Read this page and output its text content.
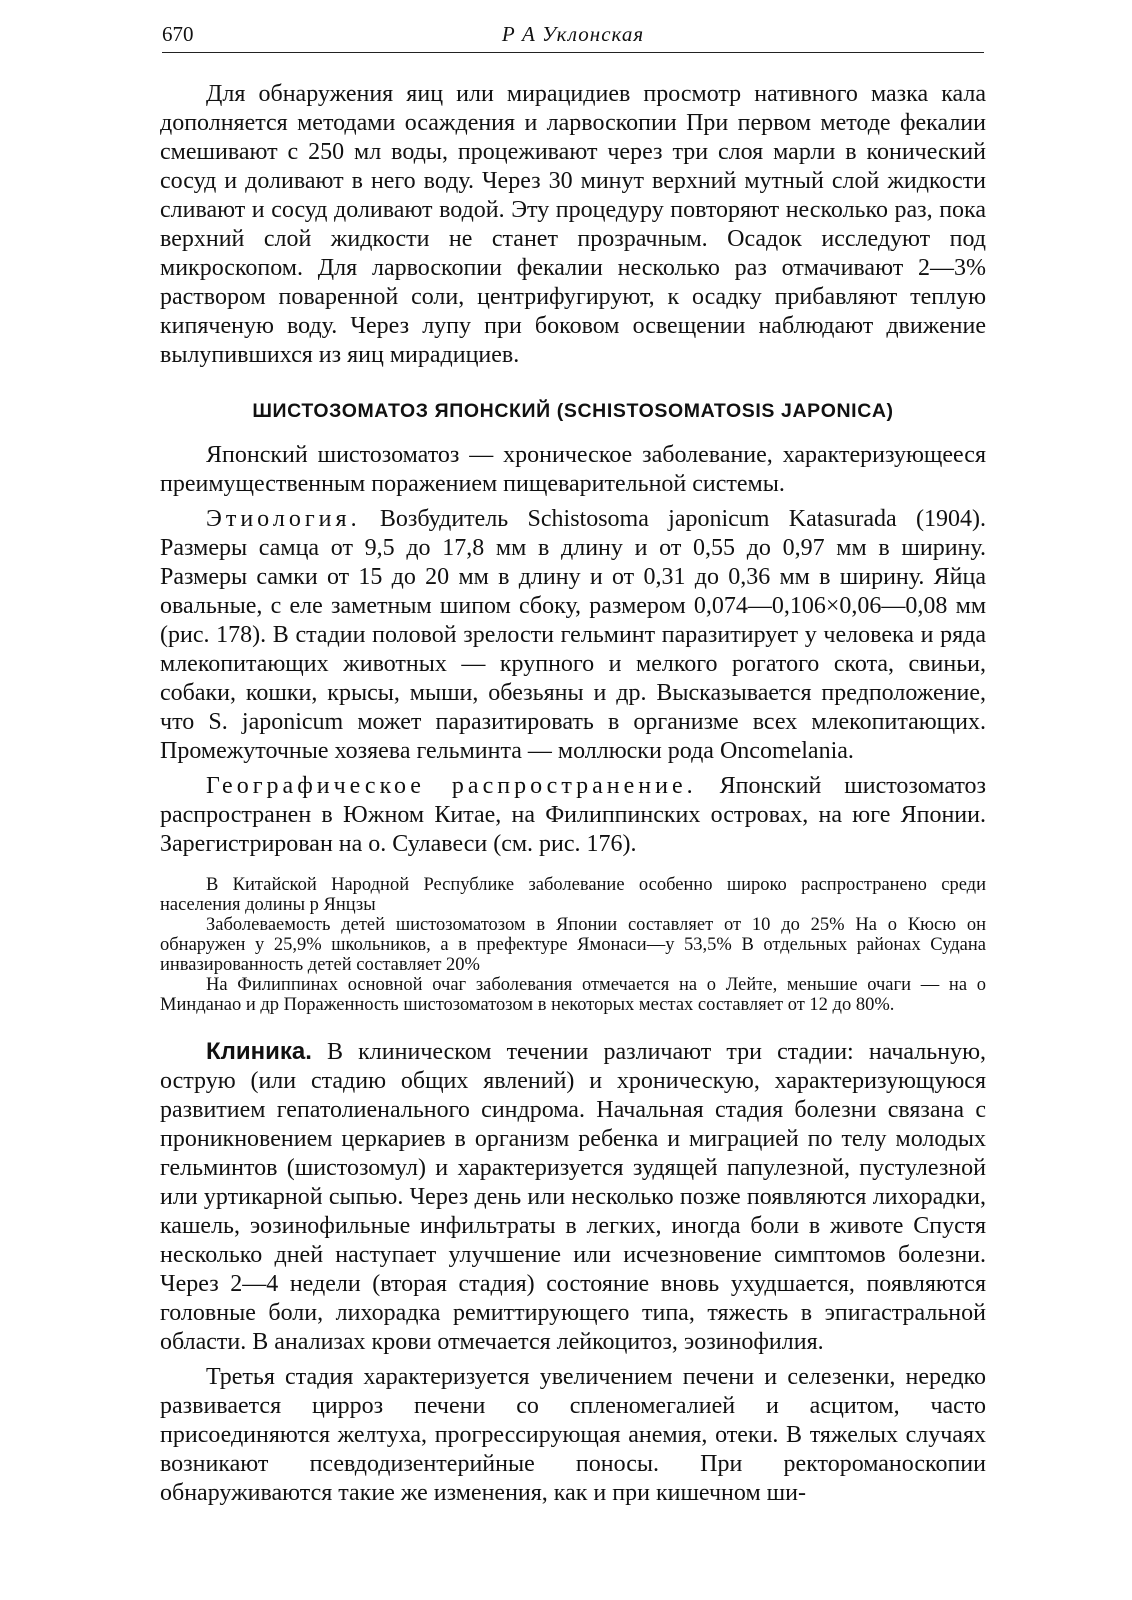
670	Р А Уклонская

Для обнаружения яиц или мирацидиев просмотр нативного мазка кала дополняется методами осаждения и ларвоскопии При первом методе фекалии смешивают с 250 мл воды, процеживают через три слоя марли в конический сосуд и доливают в него воду. Через 30 минут верхний мутный слой жидкости сливают и сосуд доливают водой. Эту процедуру повторяют несколько раз, пока верхний слой жидкости не станет прозрачным. Осадок исследуют под микроскопом. Для ларвоскопии фекалии несколько раз отмачивают 2—3% раствором поваренной соли, центрифугируют, к осадку прибавляют теплую кипяченую воду. Через лупу при боковом освещении наблюдают движение вылупившихся из яиц мирадициев.

ШИСТОЗОМАТОЗ ЯПОНСКИЙ (SCHISTOSOMATOSIS JAPONICA)

Японский шистозоматоз — хроническое заболевание, характеризующееся преимущественным поражением пищеварительной системы.

Этиология. Возбудитель Schistosoma japonicum Katasurada (1904). Размеры самца от 9,5 до 17,8 мм в длину и от 0,55 до 0,97 мм в ширину. Размеры самки от 15 до 20 мм в длину и от 0,31 до 0,36 мм в ширину. Яйца овальные, с еле заметным шипом сбоку, размером 0,074—0,106×0,06—0,08 мм (рис. 178). В стадии половой зрелости гельминт паразитирует у человека и ряда млекопитающих животных — крупного и мелкого рогатого скота, свиньи, собаки, кошки, крысы, мыши, обезьяны и др. Высказывается предположение, что S. japonicum может паразитировать в организме всех млекопитающих. Промежуточные хозяева гельминта — моллюски рода Oncomelania.

Географическое распространение. Японский шистозоматоз распространен в Южном Китае, на Филиппинских островах, на юге Японии. Зарегистрирован на о. Сулавеси (см. рис. 176).

В Китайской Народной Республике заболевание особенно широко распространено среди населения долины р Янцзы

Заболеваемость детей шистозоматозом в Японии составляет от 10 до 25% На о Кюсю он обнаружен у 25,9% школьников, а в префектуре Ямонаси—у 53,5% В отдельных районах Судана инвазированность детей составляет 20%

На Филиппинах основной очаг заболевания отмечается на о Лейте, меньшие очаги — на о Минданао и др Пораженность шистозоматозом в некоторых местах составляет от 12 до 80%.

Клиника. В клиническом течении различают три стадии: начальную, острую (или стадию общих явлений) и хроническую, характеризующуюся развитием гепатолиенального синдрома. Начальная стадия болезни связана с проникновением церкариев в организм ребенка и миграцией по телу молодых гельминтов (шистозомул) и характеризуется зудящей папулезной, пустулезной или уртикарной сыпью. Через день или несколько позже появляются лихорадки, кашель, эозинофильные инфильтраты в легких, иногда боли в животе Спустя несколько дней наступает улучшение или исчезновение симптомов болезни. Через 2—4 недели (вторая стадия) состояние вновь ухудшается, появляются головные боли, лихорадка ремиттирующего типа, тяжесть в эпигастральной области. В анализах крови отмечается лейкоцитоз, эозинофилия.

Третья стадия характеризуется увеличением печени и селезенки, нередко развивается цирроз печени со спленомегалией и асцитом, часто присоединяются желтуха, прогрессирующая анемия, отеки. В тяжелых случаях возникают псевдодизентерийные поносы. При ректороманоскопии обнаруживаются такие же изменения, как и при кишечном ши-
